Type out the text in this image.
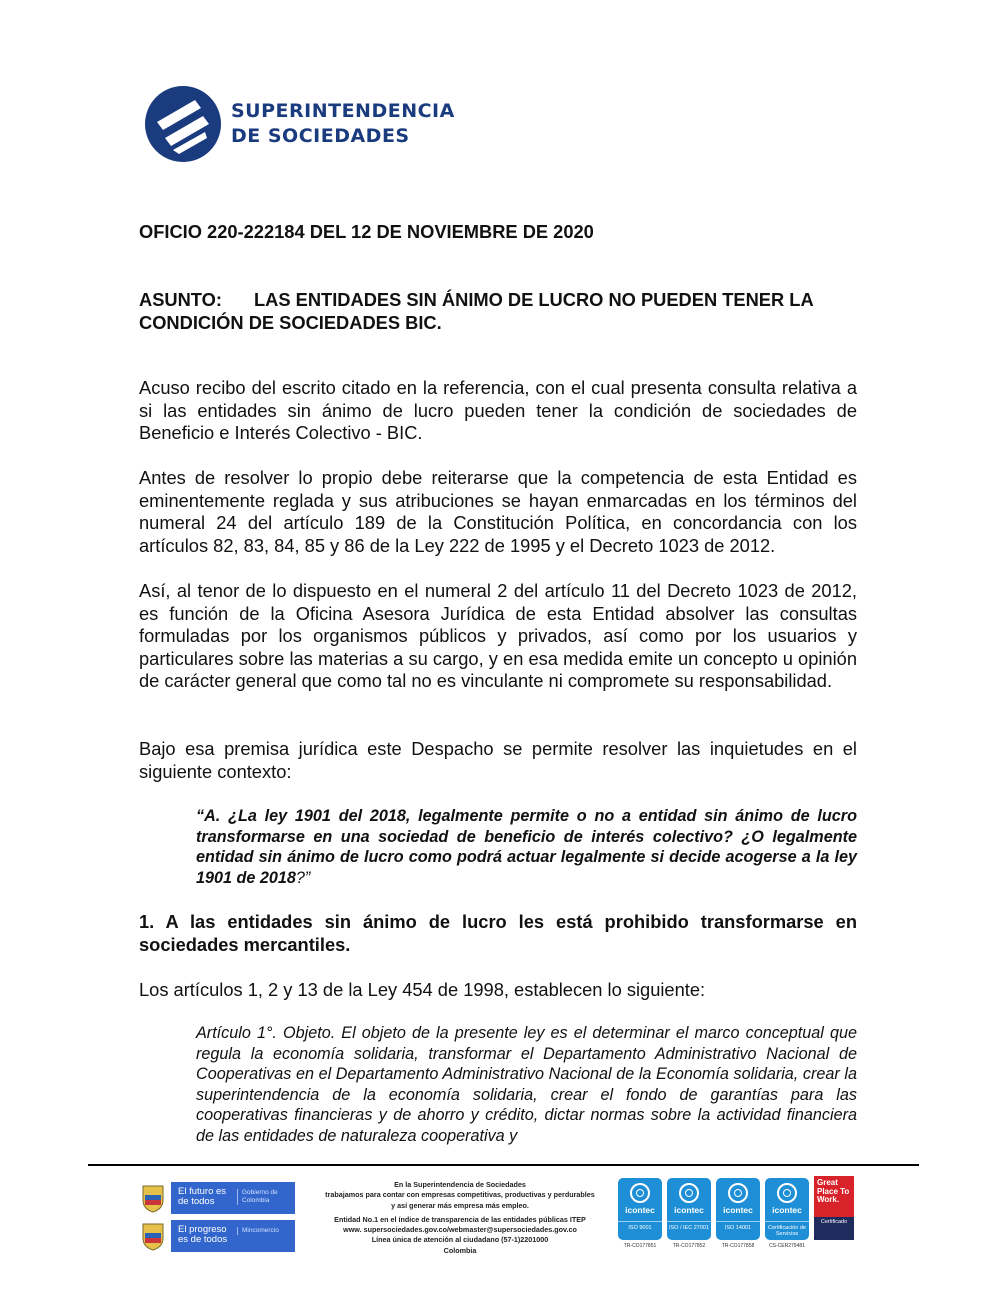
SUPERINTENDENCIA
DE SOCIEDADES
OFICIO 220-222184 DEL 12 DE NOVIEMBRE DE 2020
ASUNTO: LAS ENTIDADES SIN ÁNIMO DE LUCRO NO PUEDEN TENER LA CONDICIÓN DE SOCIEDADES BIC.
Acuso recibo del escrito citado en la referencia, con el cual presenta consulta relativa a si las entidades sin ánimo de lucro pueden tener la condición de sociedades de Beneficio e Interés Colectivo - BIC.
Antes de resolver lo propio debe reiterarse que la competencia de esta Entidad es eminentemente reglada y sus atribuciones se hayan enmarcadas en los términos del numeral 24 del artículo 189 de la Constitución Política, en concordancia con los artículos 82, 83, 84, 85 y 86 de la Ley 222 de 1995 y el Decreto 1023 de 2012.
Así, al tenor de lo dispuesto en el numeral 2 del artículo 11 del Decreto 1023 de 2012, es función de la Oficina Asesora Jurídica de esta Entidad absolver las consultas formuladas por los organismos públicos y privados, así como por los usuarios y particulares sobre las materias a su cargo, y en esa medida emite un concepto u opinión de carácter general que como tal no es vinculante ni compromete su responsabilidad.
Bajo esa premisa jurídica este Despacho se permite resolver las inquietudes en el siguiente contexto:
“A. ¿La ley 1901 del 2018, legalmente permite o no a entidad sin ánimo de lucro transformarse en una sociedad de beneficio de interés colectivo? ¿O legalmente entidad sin ánimo de lucro como podrá actuar legalmente si decide acogerse a la ley 1901 de 2018?”
1. A las entidades sin ánimo de lucro les está prohibido transformarse en sociedades mercantiles.
Los artículos 1, 2 y 13 de la Ley 454 de 1998, establecen lo siguiente:
Artículo 1°. Objeto. El objeto de la presente ley es el determinar el marco conceptual que regula la economía solidaria, transformar el Departamento Administrativo Nacional de Cooperativas en el Departamento Administrativo Nacional de la Economía solidaria, crear la superintendencia de la economía solidaria, crear el fondo de garantías para las cooperativas financieras y de ahorro y crédito, dictar normas sobre la actividad financiera de las entidades de naturaleza cooperativa y
El futuro es de todos
Gobierno de Colombia
El progreso es de todos
Mincomercio
En la Superintendencia de Sociedades
trabajamos para contar con empresas competitivas, productivas y perdurables
y así generar más empresa más empleo.
Entidad No.1 en el índice de transparencia de las entidades públicas ITEP
www. supersociedades.gov.co/webmaster@supersociedades.gov.co
Línea única de atención al ciudadano (57-1)2201000
Colombia
icontec
ISO 9001
icontec
ISO / IEC 27001
icontec
ISO 14001
icontec
Certificación de Servicios
TR-CO177851	TR-CO177852	TR-CO177858	CS-CER279481
Great Place To Work.
Certificado
